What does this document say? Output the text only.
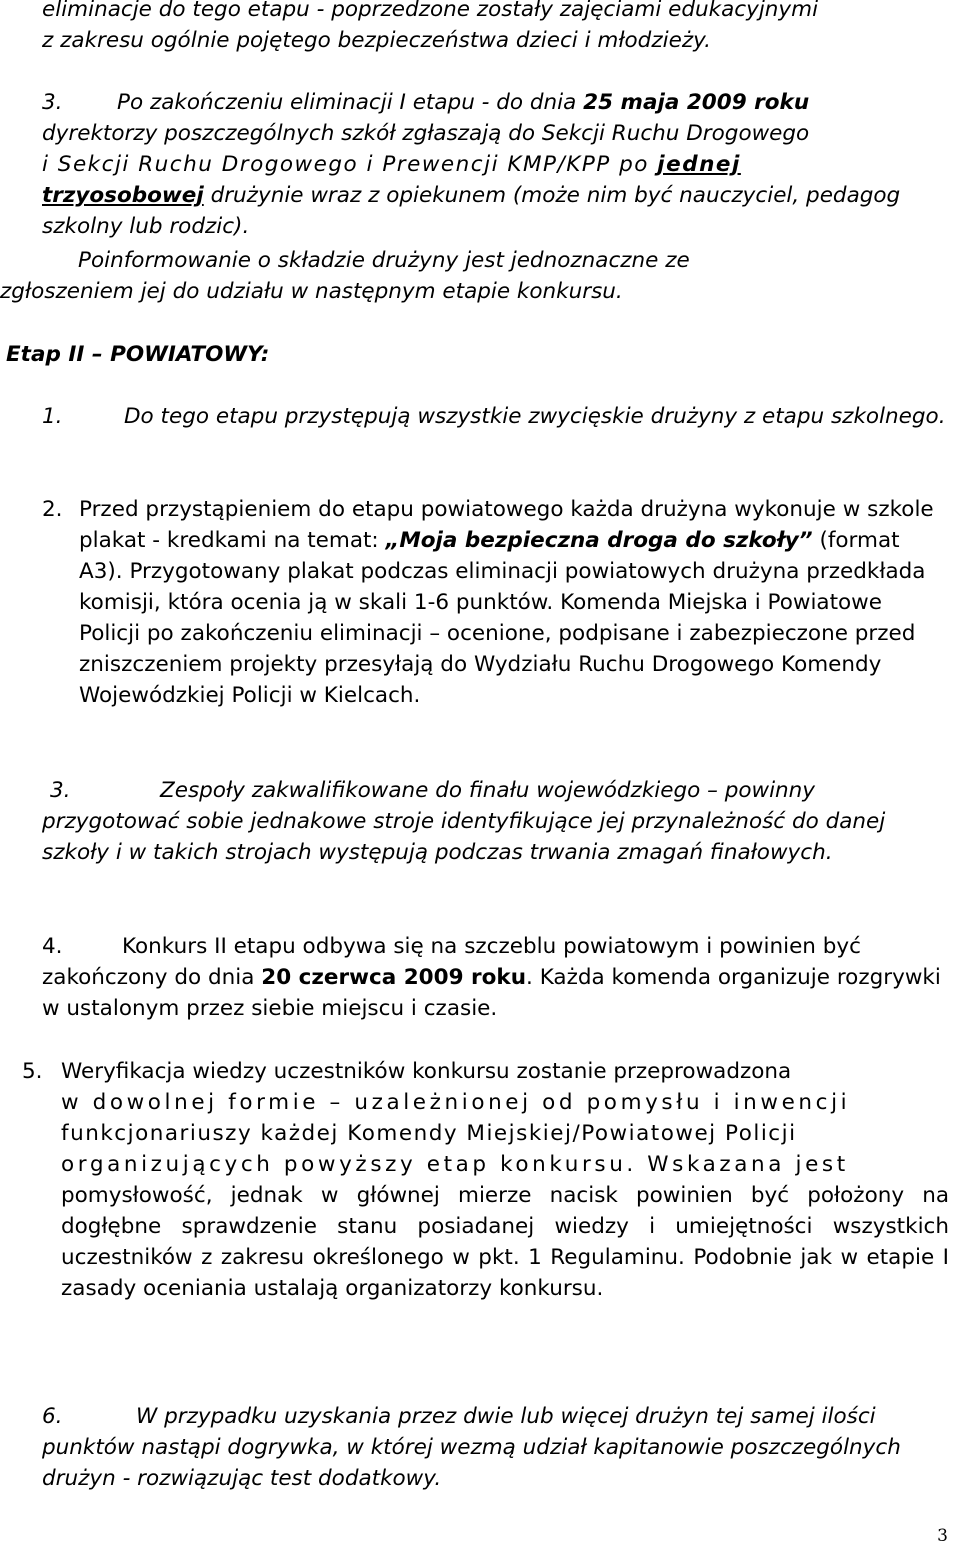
eliminacje do tego etapu - poprzedzone zostały zajęciami edukacyjnymi
z zakresu ogólnie pojętego bezpieczeństwa dzieci i młodzieży.
3.	Po zakończeniu eliminacji I etapu - do dnia 25 maja 2009 roku
dyrektorzy poszczególnych szkół zgłaszają do Sekcji Ruchu Drogowego
i Sekcji Ruchu Drogowego i Prewencji KMP/KPP po jednej
trzyosobowej drużynie wraz z opiekunem (może nim być nauczyciel, pedagog szkolny lub rodzic).
Poinformowanie o składzie drużyny jest jednoznaczne ze zgłoszeniem jej do udziału w następnym etapie konkursu.
Etap II – POWIATOWY:
1.	Do tego etapu przystępują wszystkie zwycięskie drużyny z etapu szkolnego.
2. Przed przystąpieniem do etapu powiatowego każda drużyna wykonuje w szkole plakat - kredkami na temat: „Moja bezpieczna droga do szkoły” (format A3). Przygotowany plakat podczas eliminacji powiatowych drużyna przedkłada komisji, która ocenia ją w skali 1-6 punktów. Komenda Miejska i Powiatowe Policji po zakończeniu eliminacji – ocenione, podpisane i zabezpieczone przed zniszczeniem projekty przesyłają do Wydziału Ruchu Drogowego Komendy Wojewódzkiej Policji w Kielcach.
3.	Zespoły zakwalifikowane do finału wojewódzkiego – powinny przygotować sobie jednakowe stroje identyfikujące jej przynależność do danej szkoły i w takich strojach występują podczas trwania zmagań finałowych.
4.	Konkurs II etapu odbywa się na szczeblu powiatowym i powinien być zakończony do dnia 20 czerwca 2009 roku. Każda komenda organizuje rozgrywki w ustalonym przez siebie miejscu i czasie.
5. Weryfikacja wiedzy uczestników konkursu zostanie przeprowadzona
w dowolnej formie – uzależnionej od pomysłu i inwencji
funkcjonariuszy każdej Komendy Miejskiej/Powiatowej Policji
organizujących powyższy etap konkursu. Wskazana jest
pomysłowość, jednak w głównej mierze nacisk powinien być położony na dogłębne sprawdzenie stanu posiadanej wiedzy i umiejętności wszystkich uczestników z zakresu określonego w pkt. 1 Regulaminu. Podobnie jak w etapie I zasady oceniania ustalają organizatorzy konkursu.
6.	W przypadku uzyskania przez dwie lub więcej drużyn tej samej ilości punktów nastąpi dogrywka, w której wezmą udział kapitanowie poszczególnych drużyn - rozwiązując test dodatkowy.
3
